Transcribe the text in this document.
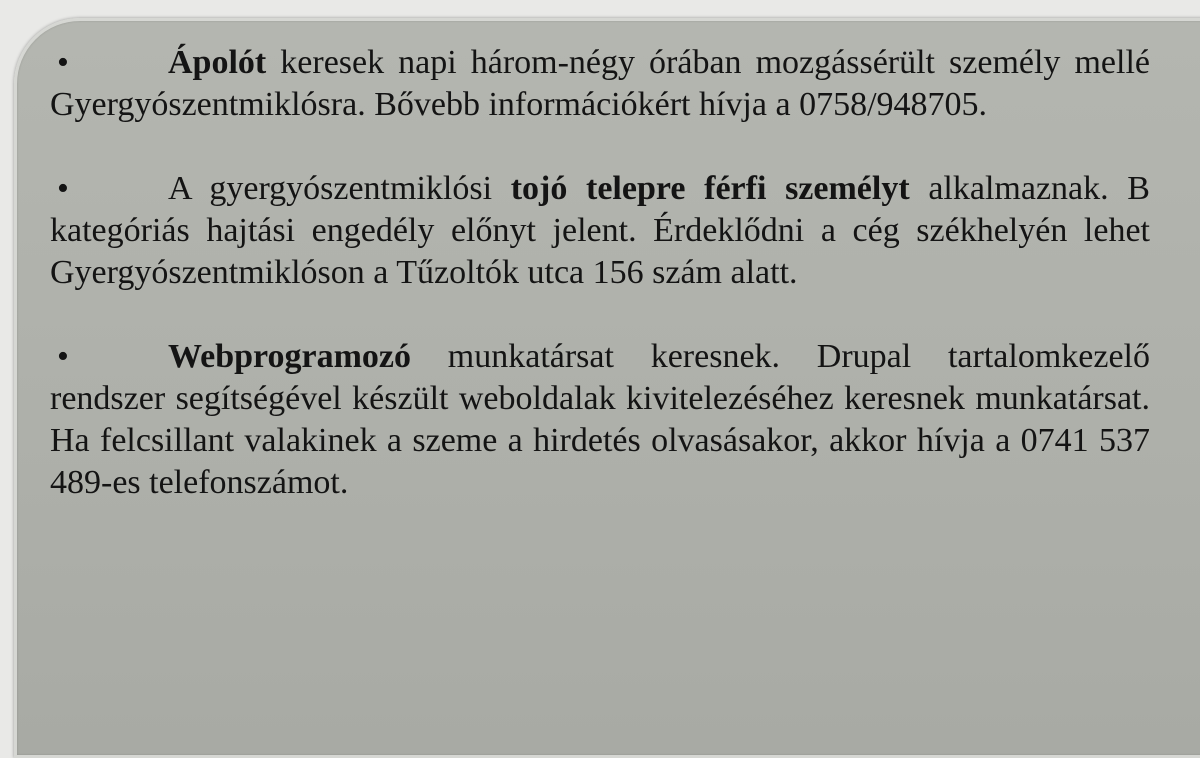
•	Ápolót keresek napi három-négy órában mozgássérült személy mellé Gyergyószentmiklósra. Bővebb információkért hívja a 0758/948705.

•	A gyergyószentmiklósi tojó telepre férfi személyt alkalmaznak. B kategóriás hajtási engedély előnyt jelent. Érdeklődni a cég székhelyén lehet Gyergyószentmiklóson a Tűzoltók utca 156 szám alatt.

•	Webprogramozó munkatársat keresnek. Drupal tartalomkezelő rendszer segítségével készült weboldalak kivitelezéséhez keresnek munkatársat. Ha felcsillant valakinek a szeme a hirdetés olvasásakor, akkor hívja a 0741 537 489-es telefonszámot.
